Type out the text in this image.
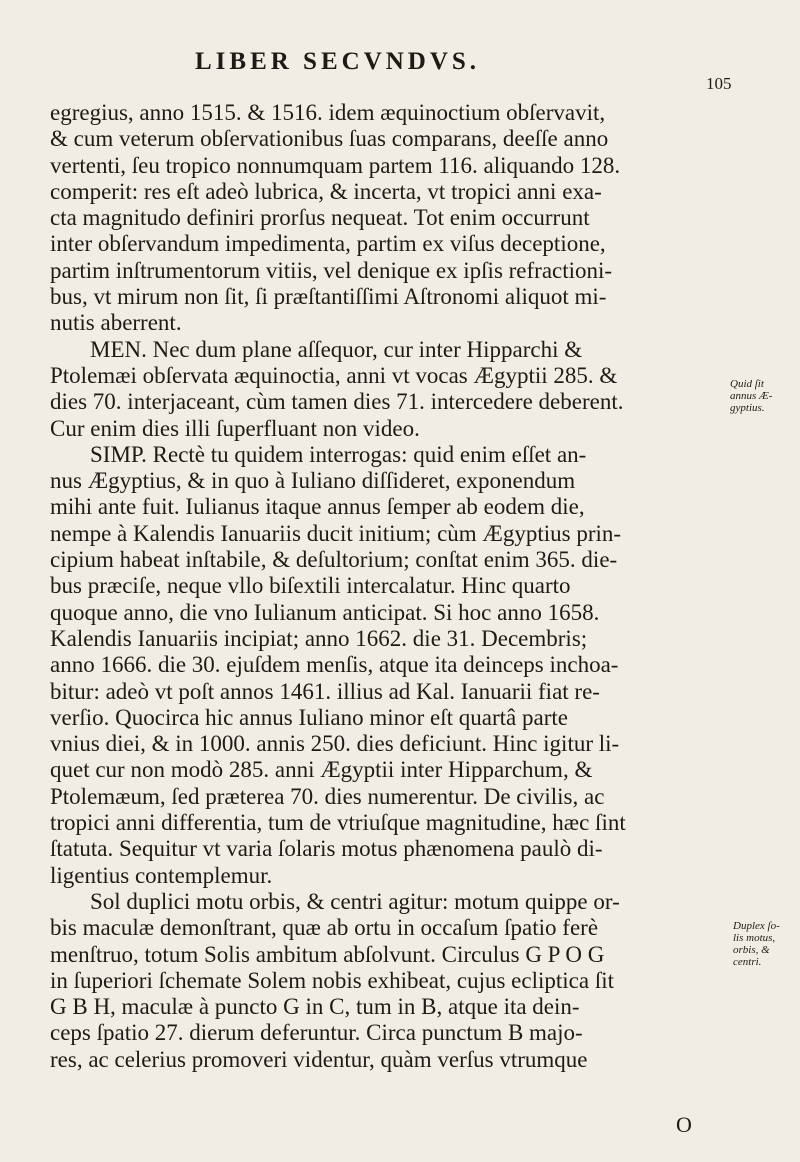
LIBER SECVNDVS.
105
egregius, anno 1515. & 1516. idem æquinoctium obſervavit,
& cum veterum obſervationibus ſuas comparans, deeſſe anno
vertenti, ſeu tropico nonnumquam partem 116. aliquando 128.
comperit: res eſt adeò lubrica, & incerta, vt tropici anni exa-
cta magnitudo definiri prorſus nequeat. Tot enim occurrunt
inter obſervandum impedimenta, partim ex viſus deceptione,
partim inſtrumentorum vitiis, vel denique ex ipſis refractioni-
bus, vt mirum non ſit, ſi præſtantiſſimi Aſtronomi aliquot mi-
nutis aberrent.
MEN. Nec dum plane aſſequor, cur inter Hipparchi &
Ptolemæi obſervata æquinoctia, anni vt vocas Ægyptii 285. &
dies 70. interjaceant, cùm tamen dies 71. intercedere deberent.
Cur enim dies illi ſuperfluant non video.
SIMP. Rectè tu quidem interrogas: quid enim eſſet an-
nus Ægyptius, & in quo à Iuliano diſſideret, exponendum
mihi ante fuit. Iulianus itaque annus ſemper ab eodem die,
nempe à Kalendis Ianuariis ducit initium; cùm Ægyptius prin-
cipium habeat inſtabile, & deſultorium; conſtat enim 365. die-
bus præciſe, neque vllo biſextili intercalatur. Hinc quarto
quoque anno, die vno Iulianum anticipat. Si hoc anno 1658.
Kalendis Ianuariis incipiat; anno 1662. die 31. Decembris;
anno 1666. die 30. ejuſdem menſis, atque ita deinceps inchoa-
bitur: adeò vt poſt annos 1461. illius ad Kal. Ianuarii fiat re-
verſio. Quocirca hic annus Iuliano minor eſt quartâ parte
vnius diei, & in 1000. annis 250. dies deficiunt. Hinc igitur li-
quet cur non modò 285. anni Ægyptii inter Hipparchum, &
Ptolemæum, ſed præterea 70. dies numerentur. De civilis, ac
tropici anni differentia, tum de vtriuſque magnitudine, hæc ſint
ſtatuta. Sequitur vt varia ſolaris motus phænomena paulò di-
ligentius contemplemur.
Sol duplici motu orbis, & centri agitur: motum quippe or-
bis maculæ demonſtrant, quæ ab ortu in occaſum ſpatio ferè
menſtruo, totum Solis ambitum abſolvunt. Circulus G P O G
in ſuperiori ſchemate Solem nobis exhibeat, cujus ecliptica ſit
G B H, maculæ à puncto G in C, tum in B, atque ita dein-
ceps ſpatio 27. dierum deferuntur. Circa punctum B majo-
res, ac celerius promoveri videntur, quàm verſus vtrumque
Quid ſit
annus Æ-
gyptius.
Duplex ſo-
lis motus,
orbis, &
centri.
O
